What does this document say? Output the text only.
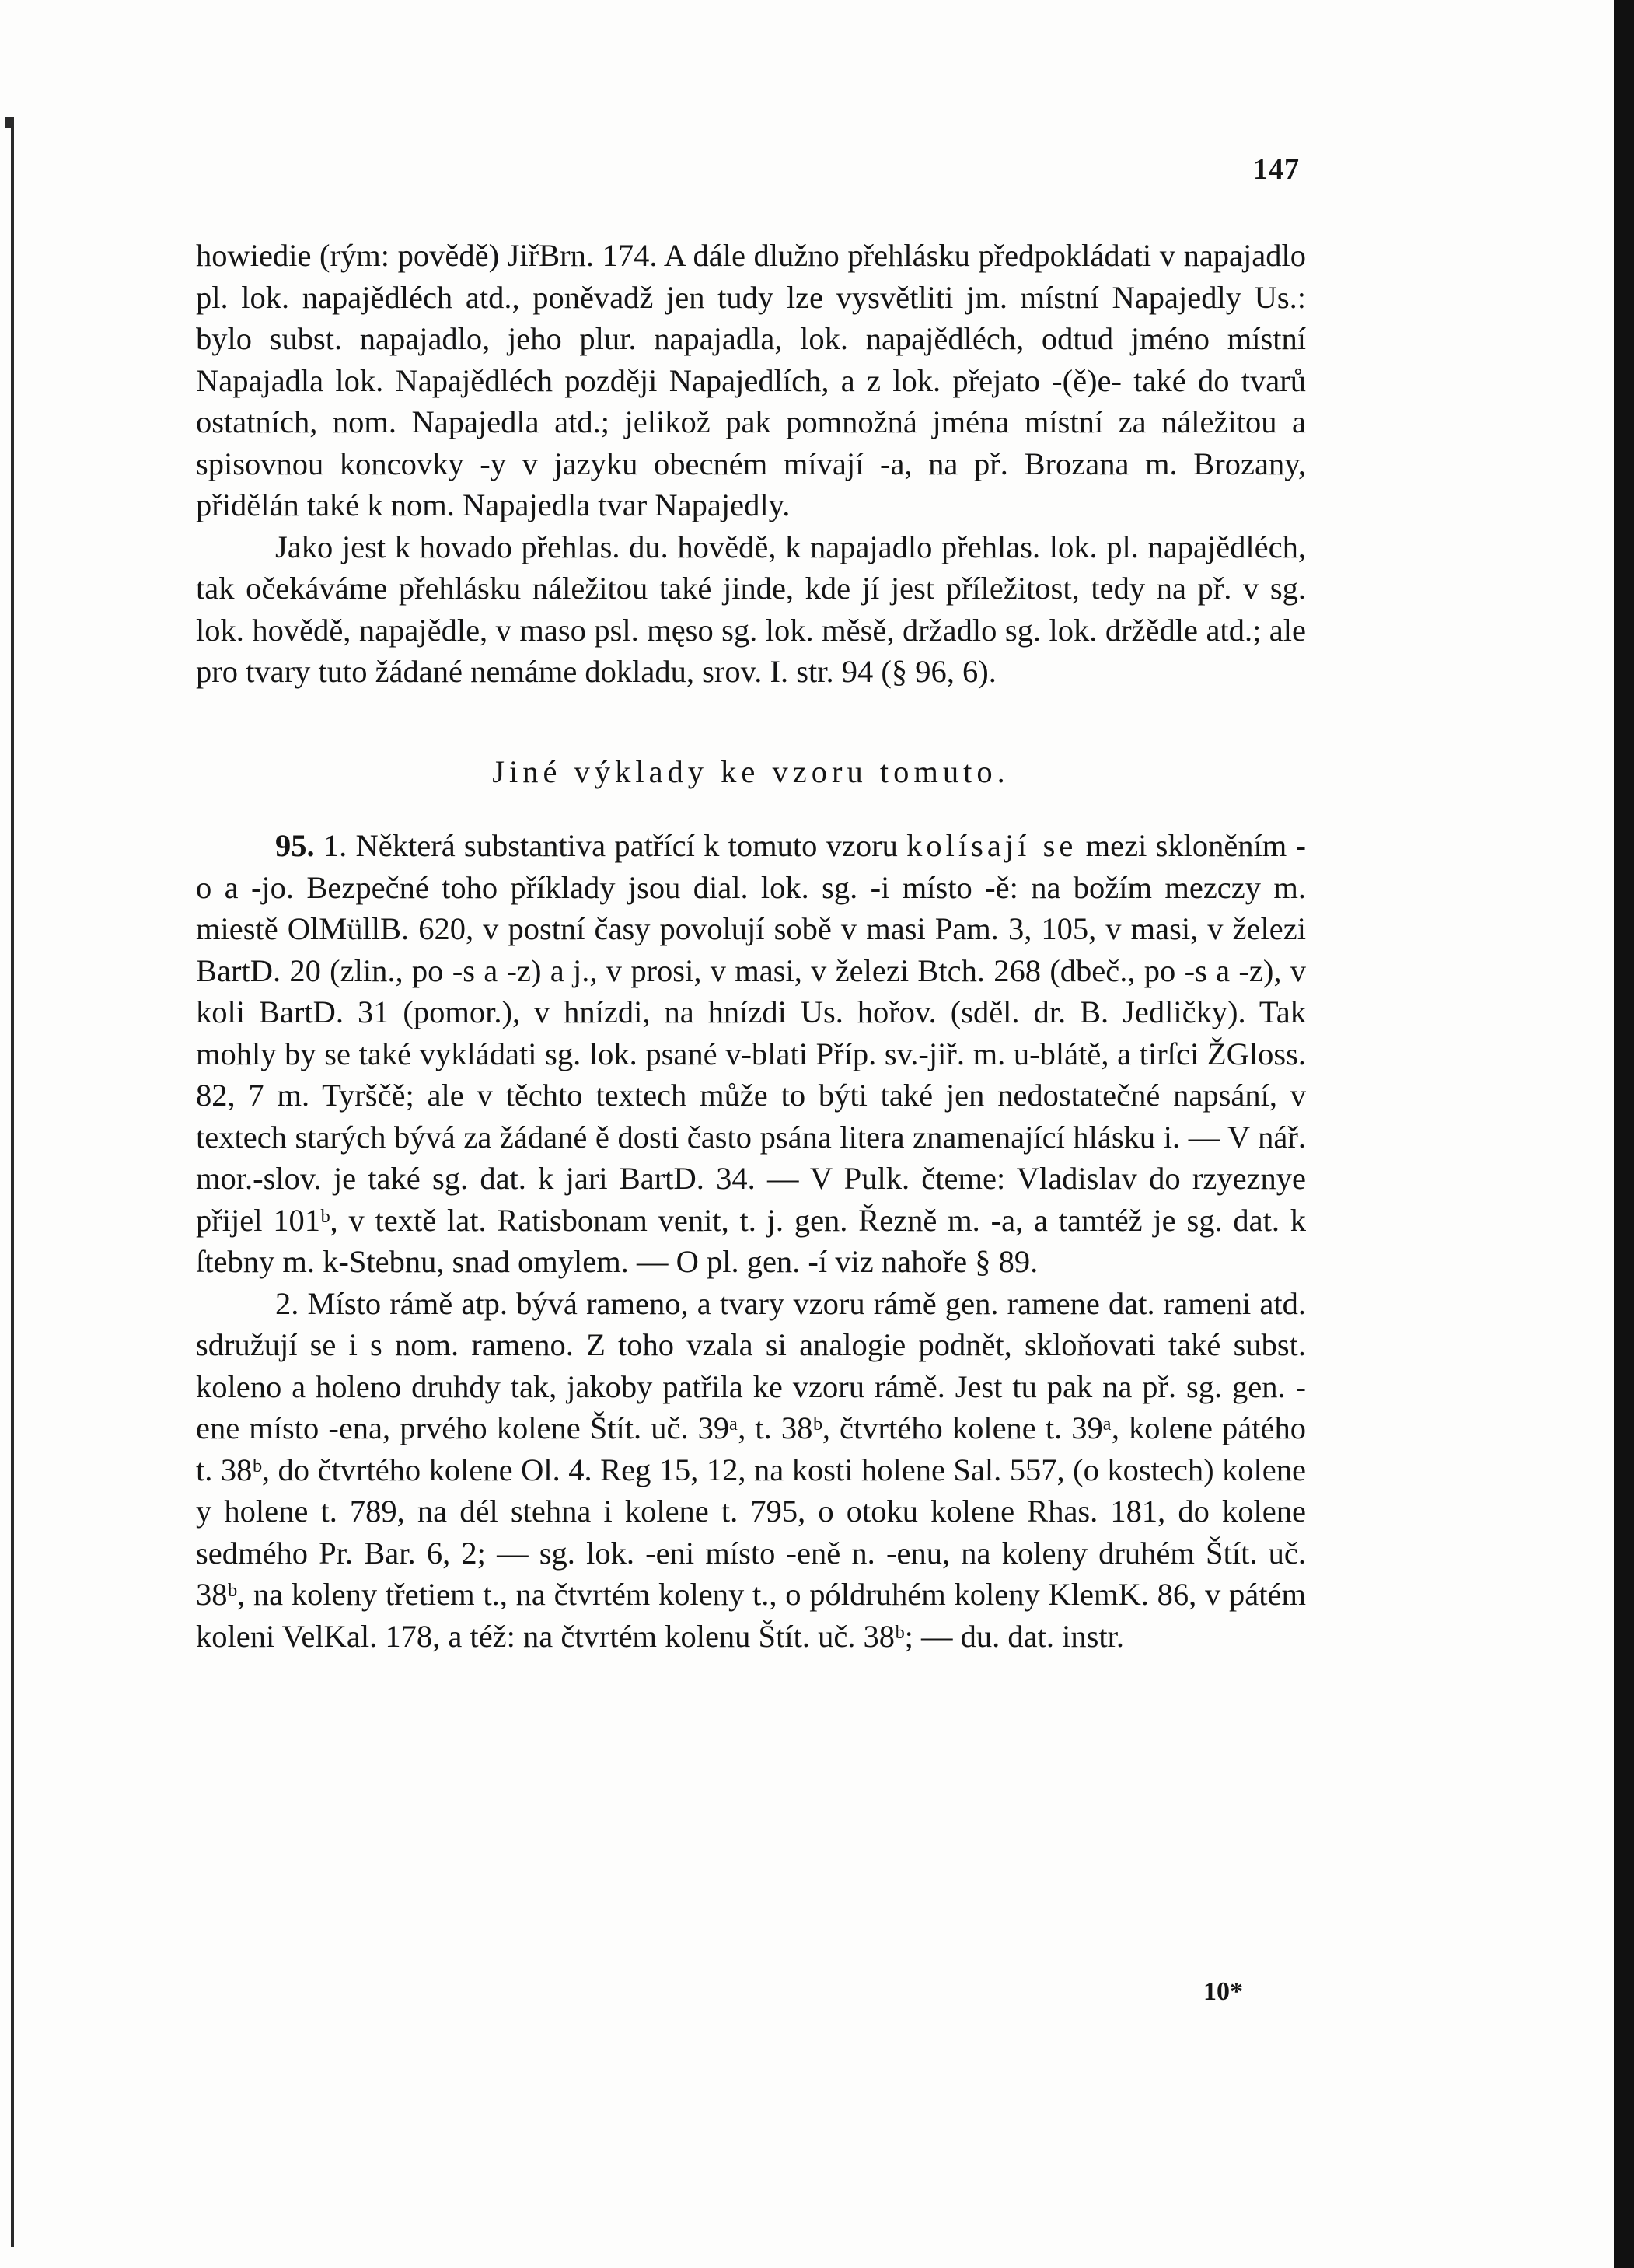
147

howiedie (rým: povědě) JiřBrn. 174. A dále dlužno přehlásku předpokládati v napajadlo pl. lok. napajědléch atd., poněvadž jen tudy lze vysvětliti jm. místní Napajedly Us.: bylo subst. napajadlo, jeho plur. napajadla, lok. napajědléch, odtud jméno místní Napajadla lok. Napajědléch později Napajedlích, a z lok. přejato -(ě)e- také do tvarů ostatních, nom. Napajedla atd.; jelikož pak pomnožná jména místní za náležitou a spisovnou koncovky -y v jazyku obecném mívají -a, na př. Brozana m. Brozany, přidělán také k nom. Napajedla tvar Napajedly.

Jako jest k hovado přehlas. du. hovědě, k napajadlo přehlas. lok. pl. napajědléch, tak očekáváme přehlásku náležitou také jinde, kde jí jest příležitost, tedy na př. v sg. lok. hovědě, napajědle, v maso psl. męso sg. lok. měsě, držadlo sg. lok. držědle atd.; ale pro tvary tuto žádané nemáme dokladu, srov. I. str. 94 (§ 96, 6).

Jiné výklady ke vzoru tomuto.

95. 1. Některá substantiva patřící k tomuto vzoru kolísají se mezi skloněním -o a -jo. Bezpečné toho příklady jsou dial. lok. sg. -i místo -ě: na božím mezczy m. miestě OlMüllB. 620, v postní časy povolují sobě v masi Pam. 3, 105, v masi, v železi BartD. 20 (zlin., po -s a -z) a j., v prosi, v masi, v železi Btch. 268 (dbeč., po -s a -z), v koli BartD. 31 (pomor.), v hnízdi, na hnízdi Us. hořov. (sděl. dr. B. Jedličky). Tak mohly by se také vykládati sg. lok. psané v-blati Příp. sv.-jiř. m. u-blátě, a tirſci ŽGloss. 82, 7 m. Tyrščě; ale v těchto textech může to býti také jen nedostatečné napsání, v textech starých bývá za žádané ě dosti často psána litera znamenající hlásku i. — V nář. mor.-slov. je také sg. dat. k jari BartD. 34. — V Pulk. čteme: Vladislav do rzyeznye přijel 101ᵇ, v textě lat. Ratisbonam venit, t. j. gen. Řezně m. -a, a tamtéž je sg. dat. k ſtebny m. k-Stebnu, snad omylem. — O pl. gen. -í viz nahoře § 89.

2. Místo rámě atp. bývá rameno, a tvary vzoru rámě gen. ramene dat. rameni atd. sdružují se i s nom. rameno. Z toho vzala si analogie podnět, skloňovati také subst. koleno a holeno druhdy tak, jakoby patřila ke vzoru rámě. Jest tu pak na př. sg. gen. -ene místo -ena, prvého kolene Štít. uč. 39ᵃ, t. 38ᵇ, čtvrtého kolene t. 39ᵃ, kolene pátého t. 38ᵇ, do čtvrtého kolene Ol. 4. Reg 15, 12, na kosti holene Sal. 557, (o kostech) kolene y holene t. 789, na dél stehna i kolene t. 795, o otoku kolene Rhas. 181, do kolene sedmého Pr. Bar. 6, 2; — sg. lok. -eni místo -eně n. -enu, na koleny druhém Štít. uč. 38ᵇ, na koleny třetiem t., na čtvrtém koleny t., o póldruhém koleny KlemK. 86, v pátém koleni VelKal. 178, a též: na čtvrtém kolenu Štít. uč. 38ᵇ; — du. dat. instr.

10*
